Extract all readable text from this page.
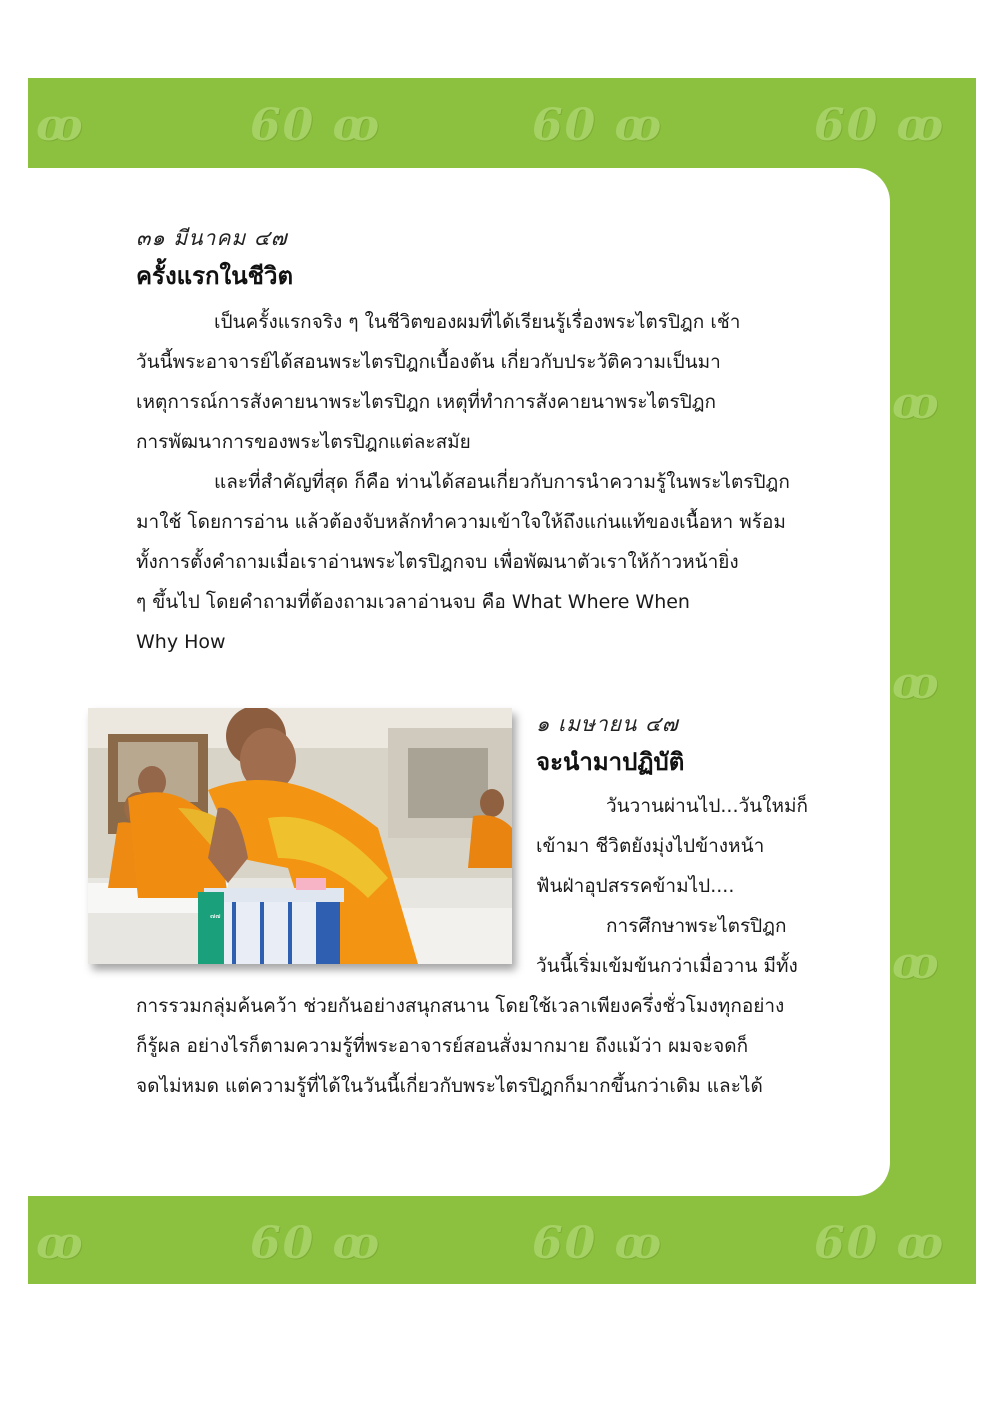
ꝏ	60 ꝏ	60 ꝏ	60 ꝏ
ꝏ
ꝏ
ꝏ
ꝏ	60 ꝏ	60 ꝏ	60 ꝏ
๓๑ มีนาคม ๔๗
ครั้งแรกในชีวิต
เป็นครั้งแรกจริง ๆ ในชีวิตของผมที่ได้เรียนรู้เรื่องพระไตรปิฎก เช้า
วันนี้พระอาจารย์ได้สอนพระไตรปิฎกเบื้องต้น เกี่ยวกับประวัติความเป็นมา
เหตุการณ์การสังคายนาพระไตรปิฎก เหตุที่ทำการสังคายนาพระไตรปิฎก
การพัฒนาการของพระไตรปิฎกแต่ละสมัย
และที่สำคัญที่สุด ก็คือ ท่านได้สอนเกี่ยวกับการนำความรู้ในพระไตรปิฎก
มาใช้ โดยการอ่าน แล้วต้องจับหลักทำความเข้าใจให้ถึงแก่นแท้ของเนื้อหา พร้อม
ทั้งการตั้งคำถามเมื่อเราอ่านพระไตรปิฎกจบ เพื่อพัฒนาตัวเราให้ก้าวหน้ายิ่ง
ๆ ขึ้นไป โดยคำถามที่ต้องถามเวลาอ่านจบ คือ What Where When
Why How
๗๗
๑ เมษายน ๔๗
จะนำมาปฏิบัติ
วันวานผ่านไป...วันใหม่ก็
เข้ามา ชีวิตยังมุ่งไปข้างหน้า
ฟันฝ่าอุปสรรคข้ามไป....
การศึกษาพระไตรปิฎก
วันนี้เริ่มเข้มข้นกว่าเมื่อวาน มีทั้ง
การรวมกลุ่มค้นคว้า ช่วยกันอย่างสนุกสนาน โดยใช้เวลาเพียงครึ่งชั่วโมงทุกอย่าง
ก็รู้ผล อย่างไรก็ตามความรู้ที่พระอาจารย์สอนสั่งมากมาย ถึงแม้ว่า ผมจะจดก็
จดไม่หมด แต่ความรู้ที่ได้ในวันนี้เกี่ยวกับพระไตรปิฎกก็มากขึ้นกว่าเดิม และได้
